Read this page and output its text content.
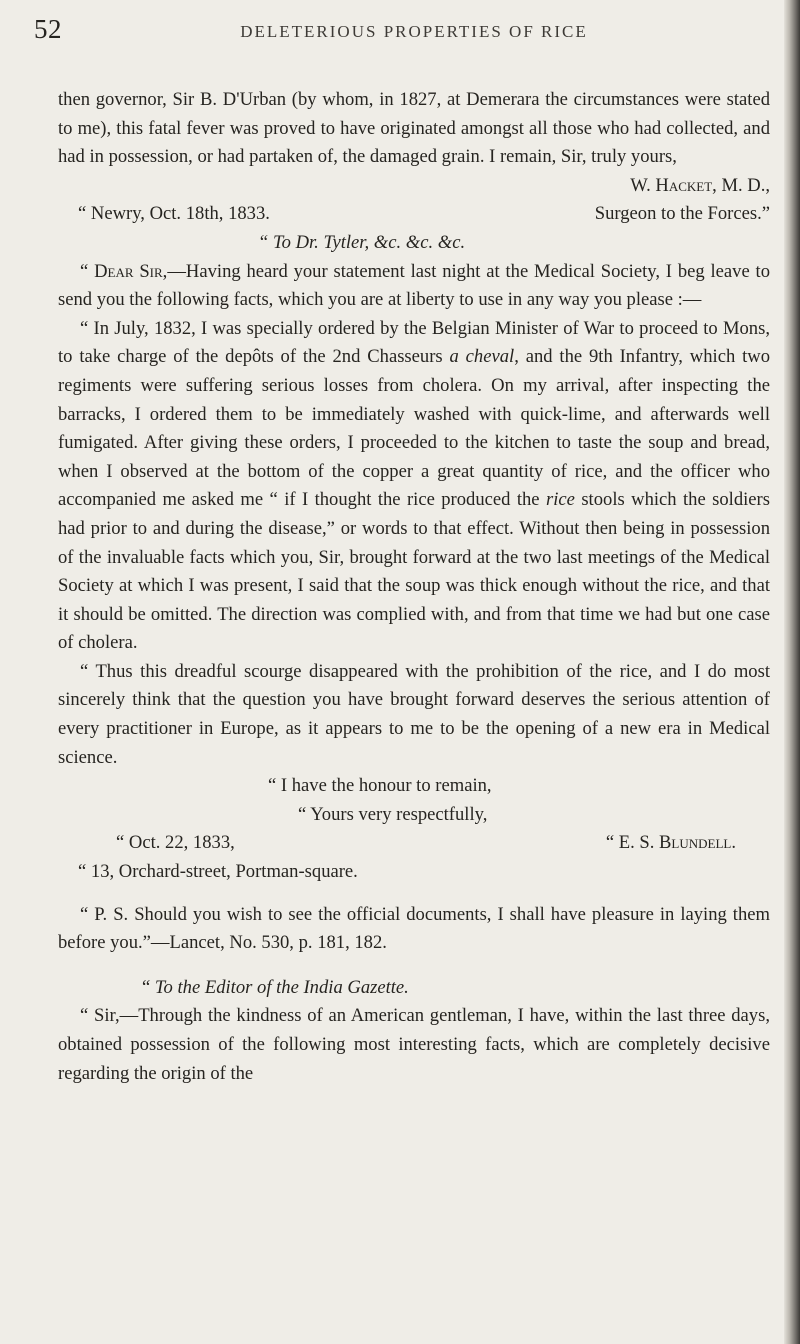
52	DELETERIOUS PROPERTIES OF RICE

then governor, Sir B. D'Urban (by whom, in 1827, at Demerara the circumstances were stated to me), this fatal fever was proved to have originated amongst all those who had collected, and had in possession, or had partaken of, the damaged grain. I remain, Sir, truly yours,

W. Hacket, M. D.,

“ Newry, Oct. 18th, 1833.	Surgeon to the Forces.”

“ To Dr. Tytler, &c. &c. &c.

“ Dear Sir,—Having heard your statement last night at the Medical Society, I beg leave to send you the following facts, which you are at liberty to use in any way you please :—

“ In July, 1832, I was specially ordered by the Belgian Minister of War to proceed to Mons, to take charge of the depôts of the 2nd Chasseurs a cheval, and the 9th Infantry, which two regiments were suffering serious losses from cholera. On my arrival, after inspecting the barracks, I ordered them to be immediately washed with quick-lime, and afterwards well fumigated. After giving these orders, I proceeded to the kitchen to taste the soup and bread, when I observed at the bottom of the copper a great quantity of rice, and the officer who accompanied me asked me “ if I thought the rice produced the rice stools which the soldiers had prior to and during the disease,” or words to that effect. Without then being in possession of the invaluable facts which you, Sir, brought forward at the two last meetings of the Medical Society at which I was present, I said that the soup was thick enough without the rice, and that it should be omitted. The direction was complied with, and from that time we had but one case of cholera.

“ Thus this dreadful scourge disappeared with the prohibition of the rice, and I do most sincerely think that the question you have brought forward deserves the serious attention of every practitioner in Europe, as it appears to me to be the opening of a new era in Medical science.

“ I have the honour to remain,

“ Yours very respectfully,

“ Oct. 22, 1833,	“ E. S. Blundell.

“ 13, Orchard-street, Portman-square.

“ P. S. Should you wish to see the official documents, I shall have pleasure in laying them before you.”—Lancet, No. 530, p. 181, 182.

“ To the Editor of the India Gazette.

“ Sir,—Through the kindness of an American gentleman, I have, within the last three days, obtained possession of the following most interesting facts, which are completely decisive regarding the origin of the
